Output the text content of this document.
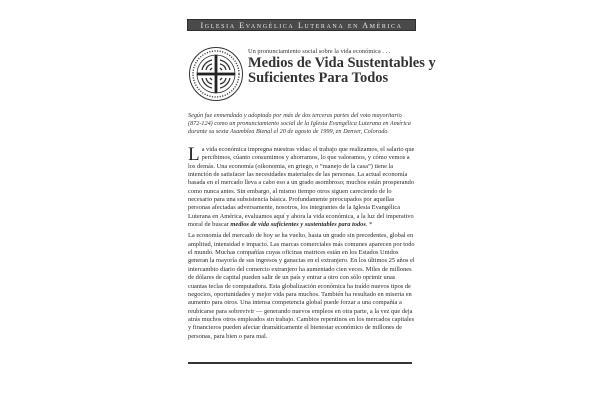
Iglesia Evangélica Luterana en América
Un pronunciamiento social sobre la vida económica . . .
Medios de Vida Sustentables y Suficientes Para Todos
Según fue enmendado y adoptado por más de dos terceras partes del voto mayoritario (872-124) como un pronunciamiento social de la Iglesia Evangélica Luterana en América durante su sexta Asamblea Bienal el 20 de agosto de 1999, en Denver, Colorado.

La vida económica impregna nuestras vidas: el trabajo que realizamos, el salario que percibimos, cúanto consumimos y ahorramos, lo que valoramos, y cómo vemos a los demás. Una economía (oikonomia, en griego, o “manejo de la casa”) tiene la intención de satisfacer las necesidades materiales de las personas. La actual economía basada en el mercado lleva a cabo eso a un grado asombroso; muchos están prosperando como nunca antes. Sin embargo, al mismo tiempo otros siguen careciendo de lo necesario para una subsistencia básica. Profundamente preocupados por aquellas personas afectadas adversamente, nosotros, los integrantes de la Iglesia Evangélica Luterana en América, evaluamos aquí y ahora la vida económica, a la luz del imperativo moral de buscar medios de vida suficientes y sustentables para todos. *

La economía del mercado de hoy se ha vuelto, hasta un grado sin precedentes, global en amplitud, intensidad e impacto. Las marcas comerciales más comunes aparecen por todo el mundo. Muchas compañías cuyas oficinas matrices están en los Estados Unidos generan la mayoría de sus ingresos y ganacias en el extranjero. En los últimos 25 años el intercambio diario del comercio extranjero ha aumentado cien veces. Miles de millones de dólares de capital pueden salir de un país y entrar a otro con sólo oprimir unas cuantas teclas de computadora. Esta globalización económica ha traído nuevos tipos de negocios, oportunidades y mejor vida para muchos. También ha resultado en miseria en aumento para otros. Una intensa competencia global puede forzar a una compañía a reubicarse para sobrevivir — generando nuevos empleos en otra parte, a la vez que deja atrás muchos otros empleados sin trabajo. Cambios repentinos en los mercados capitales y financieros pueden afectar dramáticamente el bienestar económico de millones de personas, para bien o para mal.
